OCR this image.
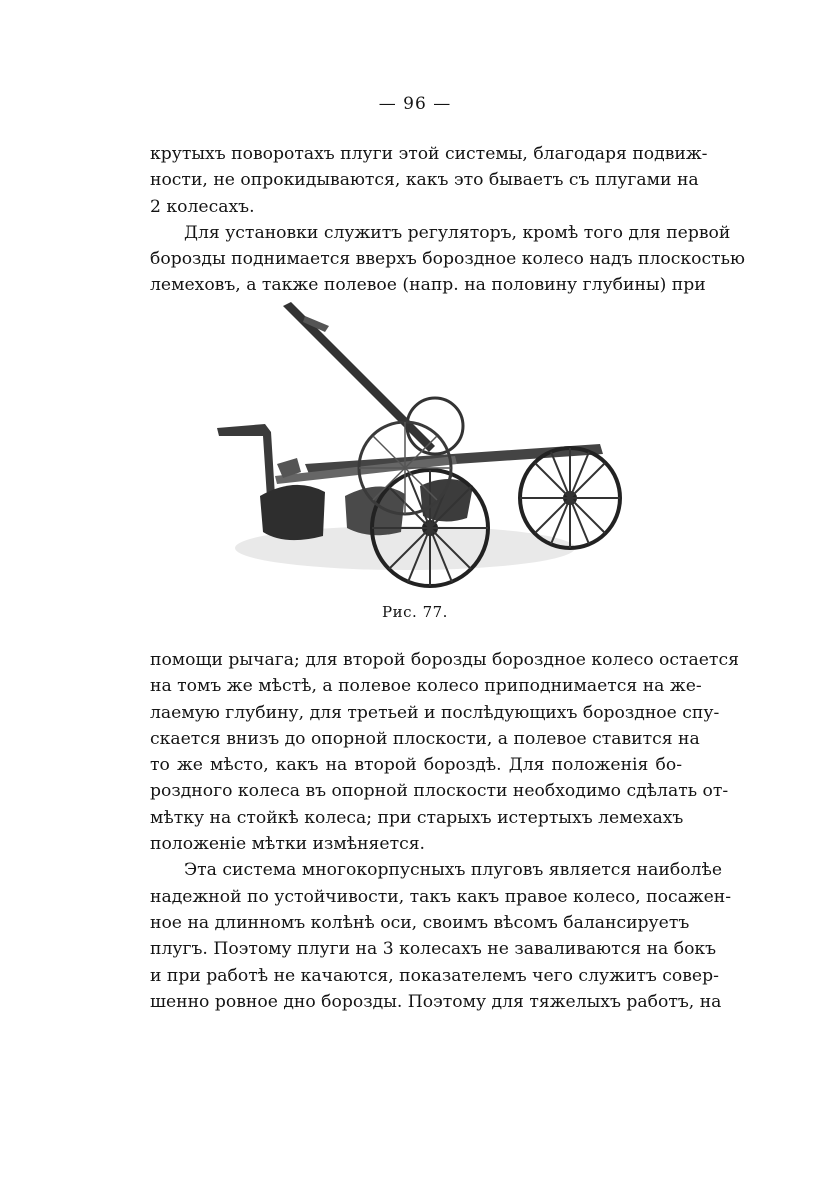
— 96 —
крутыхъ поворотахъ плуги этой системы, благодаря подвиж-
ности, не опрокидываются, какъ это бываетъ съ плугами на
2 колесахъ.
Для установки служитъ регуляторъ, кромѣ того для первой
борозды поднимается вверхъ бороздное колесо надъ плоскостью
лемеховъ, а также полевое (напр. на половину глубины) при
Рис. 77.
помощи рычага; для второй борозды бороздное колесо остается
на томъ же мѣстѣ, а полевое колесо приподнимается на же-
лаемую глубину, для третьей и послѣдующихъ бороздное спу-
скается внизъ до опорной плоскости, а полевое ставится на
то же мѣсто, какъ на второй бороздѣ. Для положенія бо-
роздного колеса въ опорной плоскости необходимо сдѣлать от-
мѣтку на стойкѣ колеса; при старыхъ истертыхъ лемехахъ
положеніе мѣтки измѣняется.
Эта система многокорпусныхъ плуговъ является наиболѣе
надежной по устойчивости, такъ какъ правое колесо, посажен-
ное на длинномъ колѣнѣ оси, своимъ вѣсомъ балансируетъ
плугъ. Поэтому плуги на 3 колесахъ не заваливаются на бокъ
и при работѣ не качаются, показателемъ чего служитъ совер-
шенно ровное дно борозды. Поэтому для тяжелыхъ работъ, на
